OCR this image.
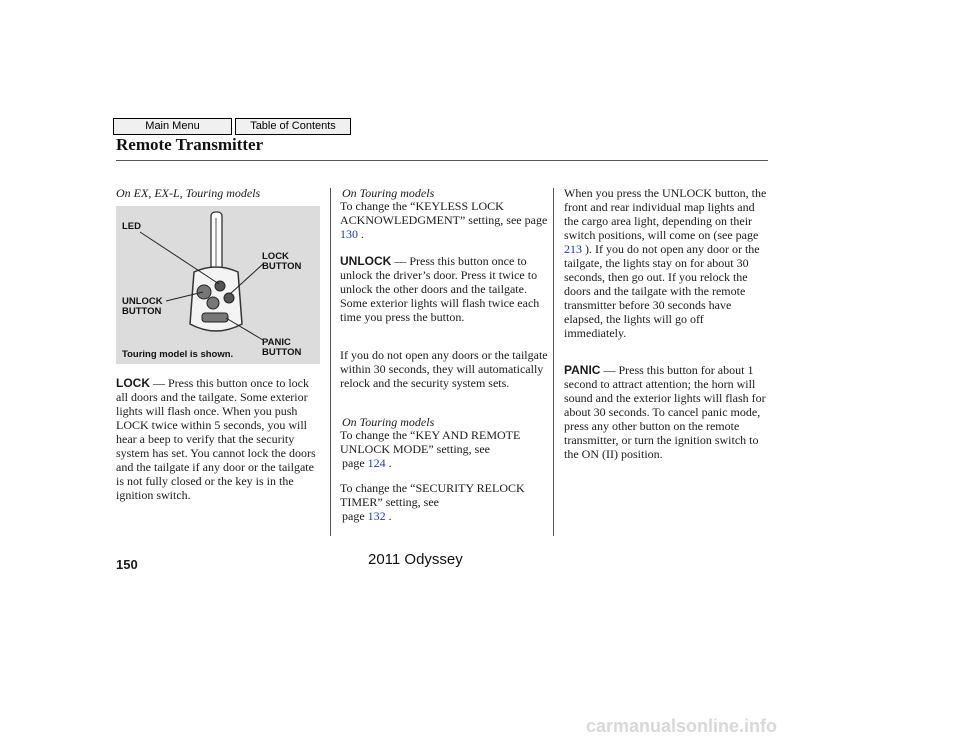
Main Menu	Table of Contents
Remote Transmitter
On EX, EX-L, Touring models
LED
LOCK
BUTTON
UNLOCK
BUTTON
PANIC
BUTTON
Touring model is shown.

LOCK — Press this button once to lock all doors and the tailgate. Some exterior lights will flash once. When you push LOCK twice within 5 seconds, you will hear a beep to verify that the security system has set. You cannot lock the doors and the tailgate if any door or the tailgate is not fully closed or the key is in the ignition switch.

On Touring models

To change the “KEYLESS LOCK ACKNOWLEDGMENT” setting, see page 130 .

UNLOCK — Press this button once to unlock the driver’s door. Press it twice to unlock the other doors and the tailgate. Some exterior lights will flash twice each time you press the button.

If you do not open any doors or the tailgate within 30 seconds, they will automatically relock and the security system sets.

On Touring models

To change the “KEY AND REMOTE UNLOCK MODE” setting, see

page 124 .

To change the “SECURITY RELOCK TIMER” setting, see

page 132 .

When you press the UNLOCK button, the front and rear individual map lights and the cargo area light, depending on their switch positions, will come on (see page 213 ). If you do not open any door or the tailgate, the lights stay on for about 30 seconds, then go out. If you relock the doors and the tailgate with the remote transmitter before 30 seconds have elapsed, the lights will go off immediately.

PANIC — Press this button for about 1 second to attract attention; the horn will sound and the exterior lights will flash for about 30 seconds. To cancel panic mode, press any other button on the remote transmitter, or turn the ignition switch to the ON (II) position.

150	2011 Odyssey
carmanualsonline.info
